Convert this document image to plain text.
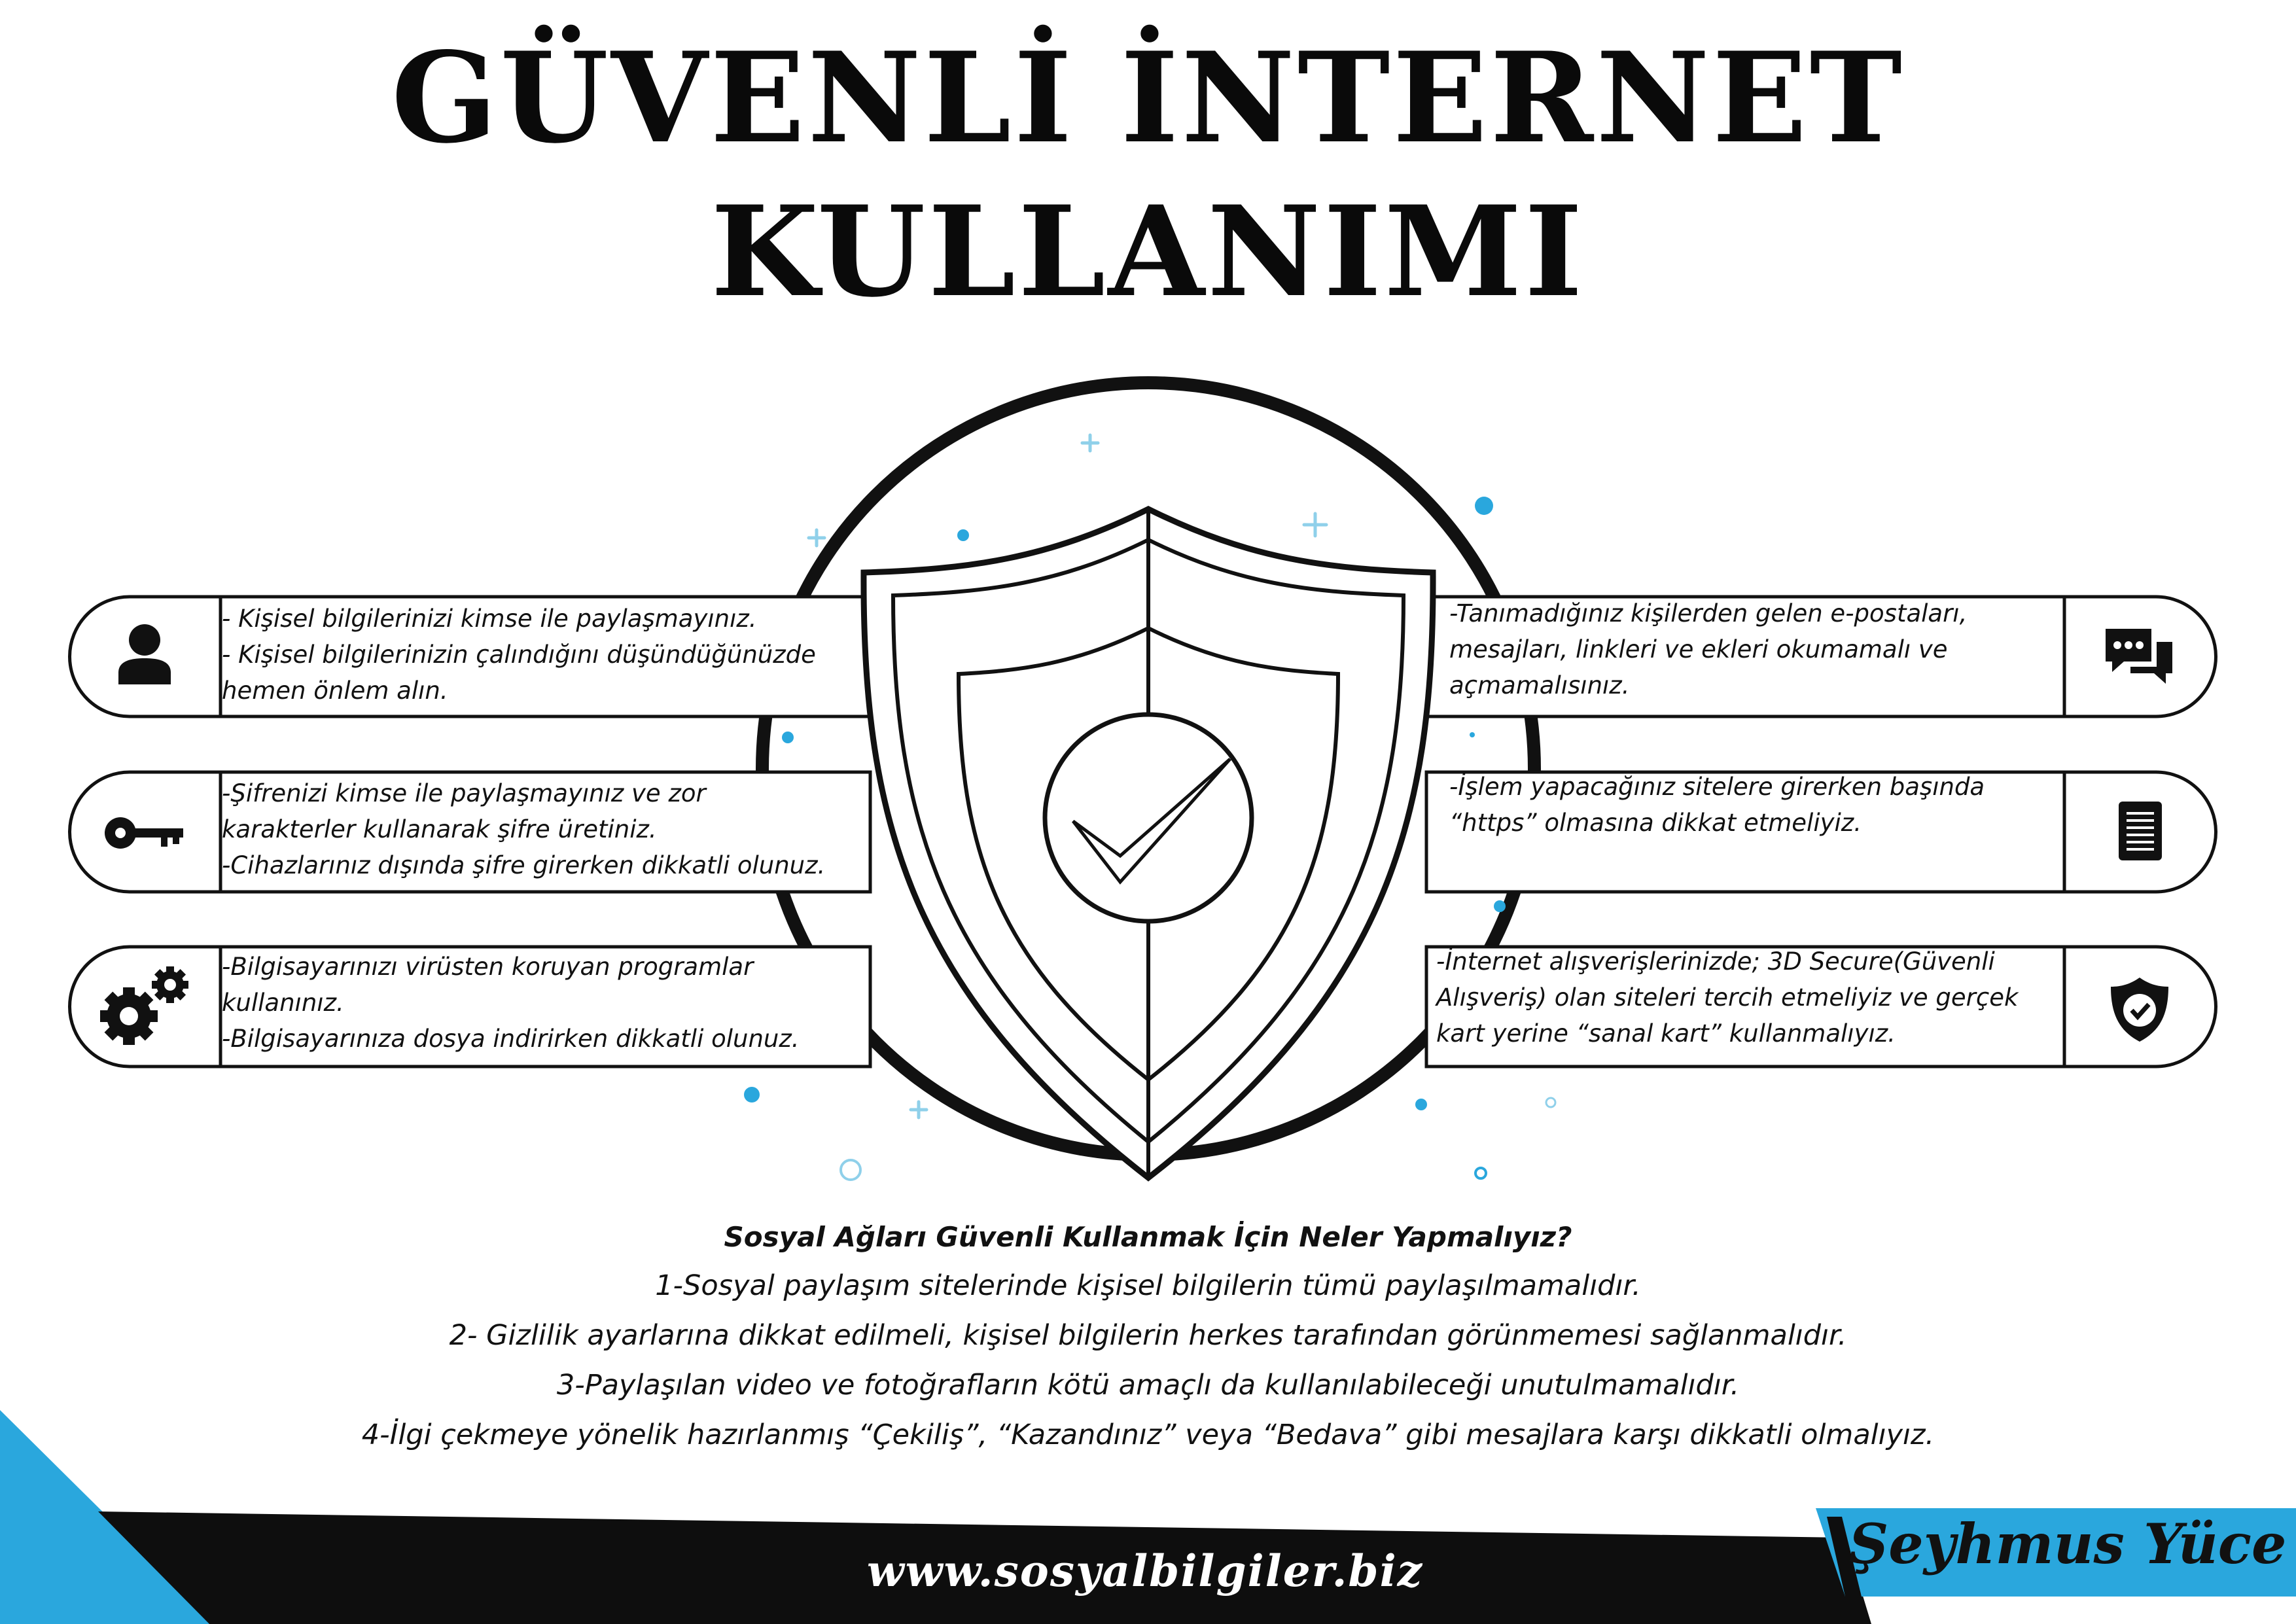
GÜVENLİ İNTERNET
KULLANIMI
- Kişisel bilgilerinizi kimse ile paylaşmayınız.
- Kişisel bilgilerinizin çalındığını düşündüğünüzde
hemen önlem alın.
-Şifrenizi kimse ile paylaşmayınız ve zor
karakterler kullanarak şifre üretiniz.
-Cihazlarınız dışında şifre girerken dikkatli olunuz.
-Bilgisayarınızı virüsten koruyan programlar
kullanınız.
-Bilgisayarınıza dosya indirirken dikkatli olunuz.
-Tanımadığınız kişilerden gelen e-postaları,
mesajları, linkleri ve ekleri okumamalı ve
açmamalısınız.
-İşlem yapacağınız sitelere girerken başında
“https” olmasına dikkat etmeliyiz.
-İnternet alışverişlerinizde; 3D Secure(Güvenli
Alışveriş) olan siteleri tercih etmeliyiz ve gerçek
kart yerine “sanal kart” kullanmalıyız.
Sosyal Ağları Güvenli Kullanmak İçin Neler Yapmalıyız?
1-Sosyal paylaşım sitelerinde kişisel bilgilerin tümü paylaşılmamalıdır.
2- Gizlilik ayarlarına dikkat edilmeli, kişisel bilgilerin herkes tarafından görünmemesi sağlanmalıdır.
3-Paylaşılan video ve fotoğrafların kötü amaçlı da kullanılabileceği unutulmamalıdır.
4-İlgi çekmeye yönelik hazırlanmış “Çekiliş”, “Kazandınız” veya “Bedava” gibi mesajlara karşı dikkatli olmalıyız.
www.sosyalbilgiler.biz	Şeyhmus Yüce
